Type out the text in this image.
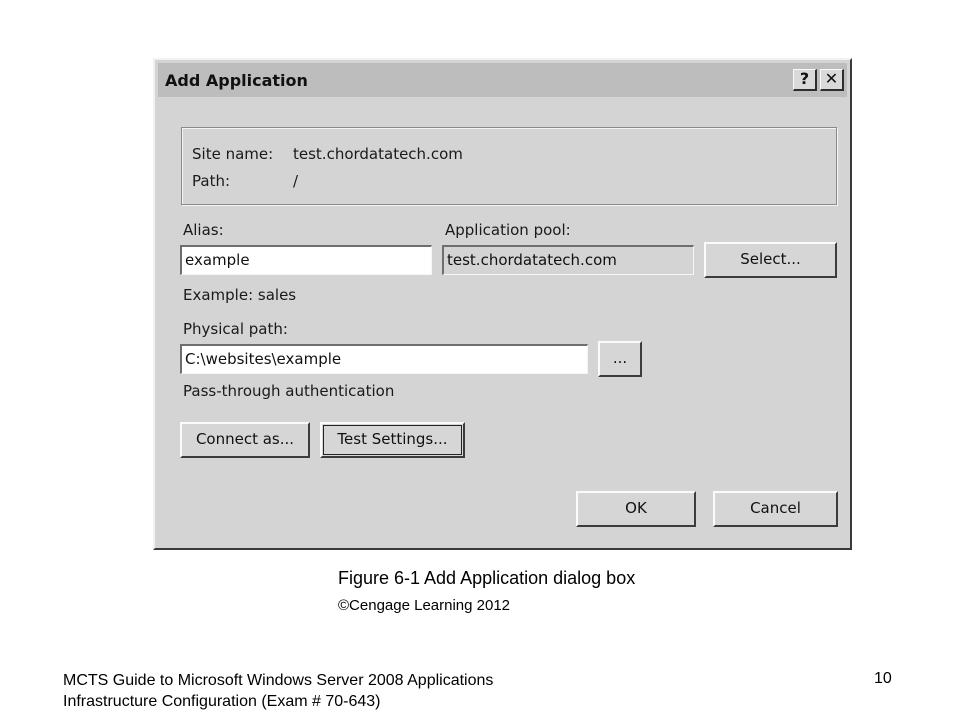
Add Application	? ✕
Site name: test.chordatatech.com
Path:	/
Alias:
example
Example: sales
Application pool:
test.chordatatech.com	Select...
Physical path:
C:\websites\example	...
Pass-through authentication
Connect as...	Test Settings...
OK	Cancel
Figure 6-1 Add Application dialog box
©Cengage Learning 2012
MCTS Guide to Microsoft Windows Server 2008 Applications
Infrastructure Configuration (Exam # 70-643)
10
